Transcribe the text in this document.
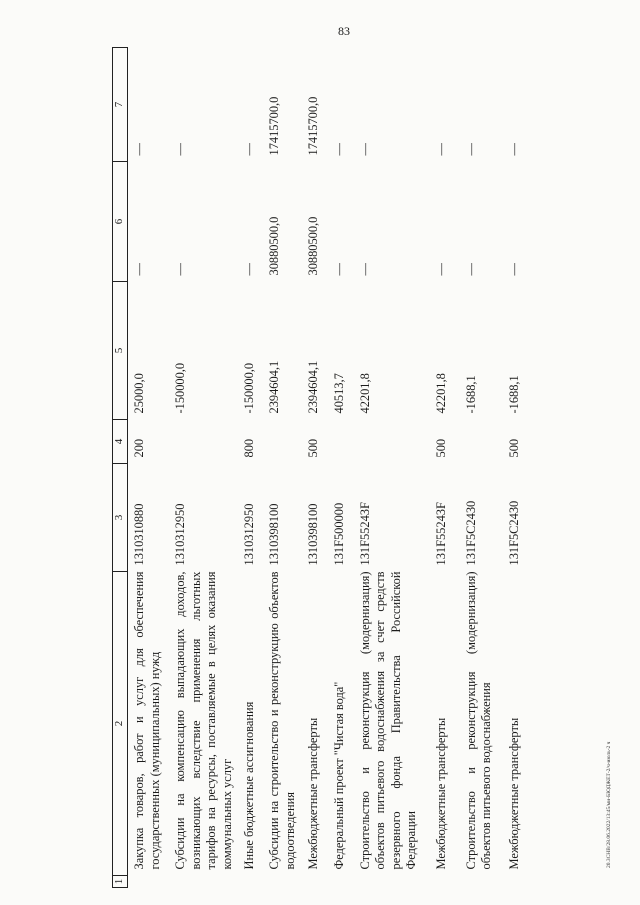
83
1	2	3	4	5	6	7
	Закупка товаров, работ и услуг для обеспечения государственных (муниципальных) нужд	1310310880	200	25000,0	—	—
	Субсидии на компенсацию выпадающих доходов, возникающих вследствие применения льготных тарифов на ресурсы, поставляемые в целях оказания коммунальных услуг	1310312950		-150000,0	—	—
	Иные бюджетные ассигнования	1310312950	800	-150000,0	—	—
	Субсидии на строительство и реконструкцию объектов водоотведения	1310398100		2394604,1	30880500,0	17415700,0
	Межбюджетные трансферты	1310398100	500	2394604,1	30880500,0	17415700,0
	Федеральный проект "Чистая вода"	131F500000		40513,7	—	—
	Строительство и реконструкция (модернизация) объектов питьевого водоснабжения за счет средств резервного фонда Правительства Российской Федерации	131F55243F		42201,8	—	—
	Межбюджетные трансферты	131F55243F	500	42201,8	—	—
	Строительство и реконструкция (модернизация) объектов питьевого водоснабжения	131F5C2430		-1688,1	—	—
	Межбюджетные трансферты	131F5C2430	500	-1688,1	—	—
20.3СНВ/28.06.2022/13:45/ми-БЮДЖЕТ-2/ч-июль-2 ч
